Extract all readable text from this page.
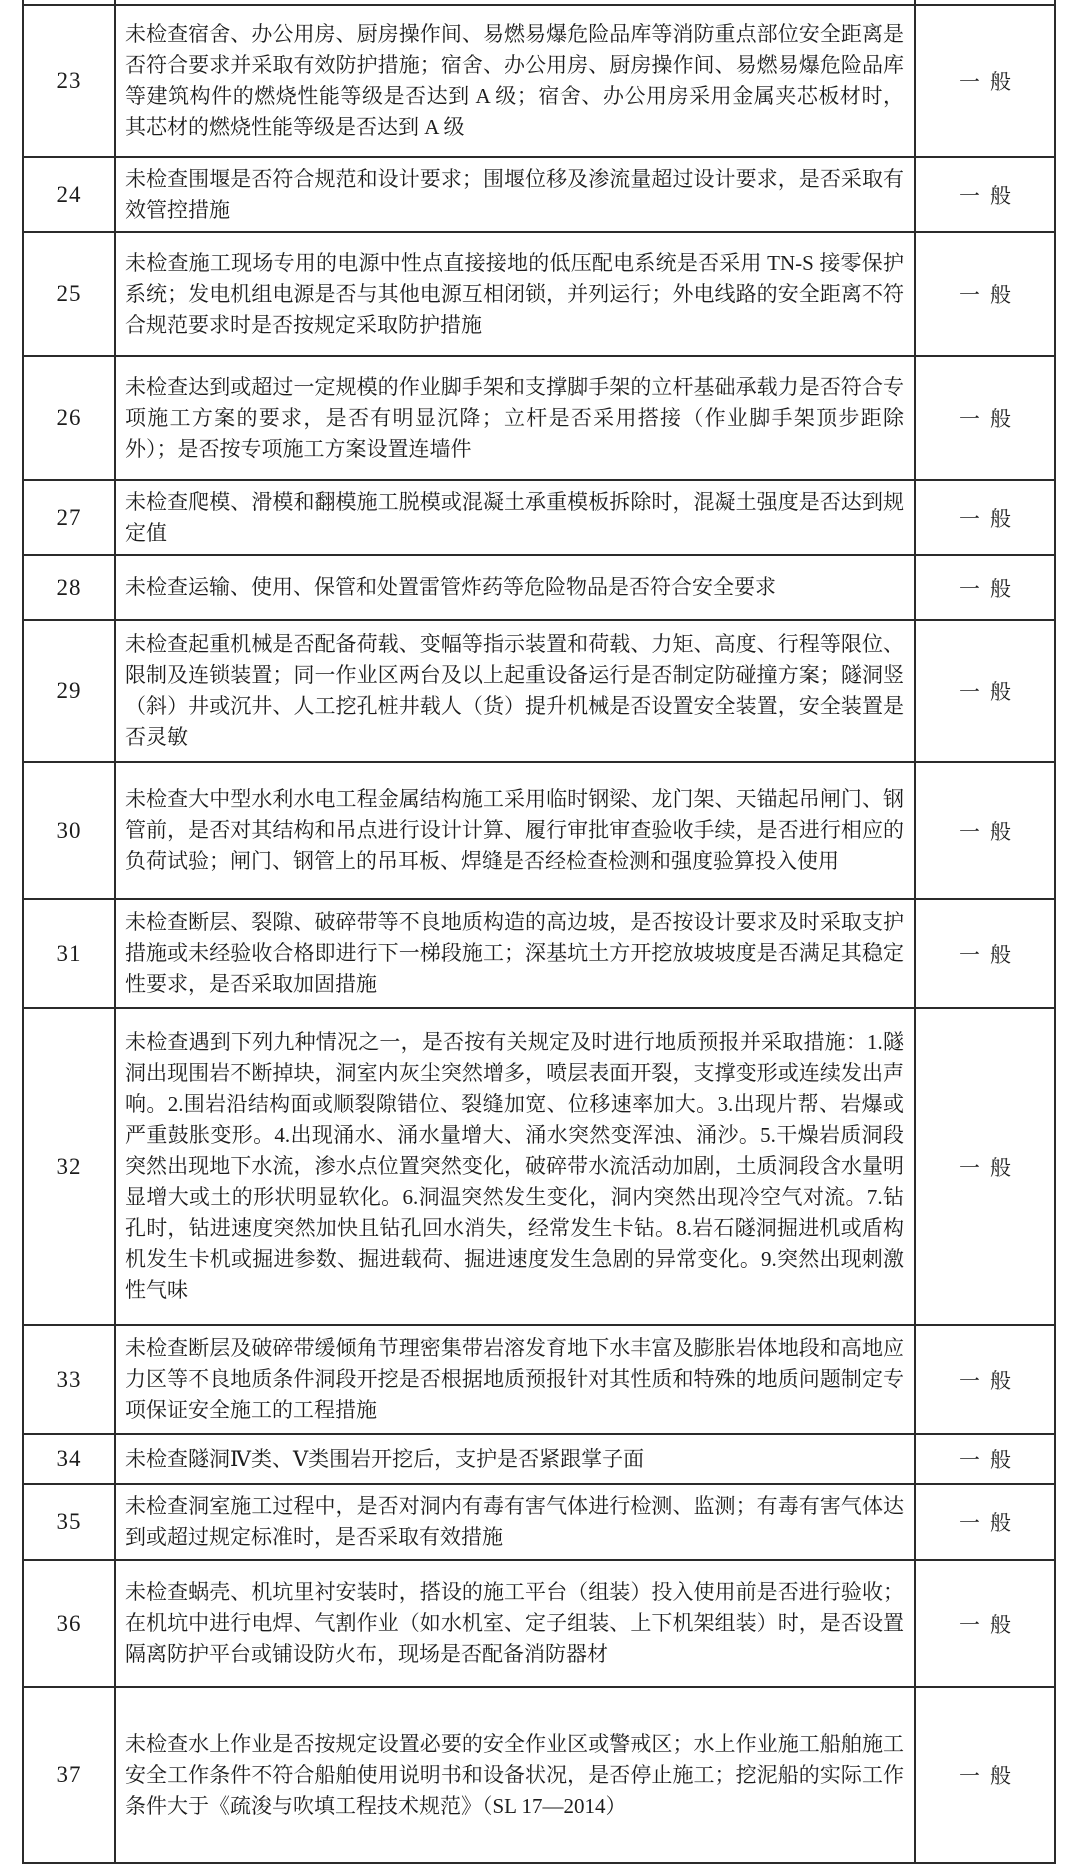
23	未检查宿舍、办公用房、厨房操作间、易燃易爆危险品库等消防重点部位安全距离是否符合要求并采取有效防护措施；宿舍、办公用房、厨房操作间、易燃易爆危险品库等建筑构件的燃烧性能等级是否达到 A 级；宿舍、办公用房采用金属夹芯板材时，其芯材的燃烧性能等级是否达到 A 级	一般
24	未检查围堰是否符合规范和设计要求；围堰位移及渗流量超过设计要求，是否采取有效管控措施	一般
25	未检查施工现场专用的电源中性点直接接地的低压配电系统是否采用 TN-S 接零保护系统；发电机组电源是否与其他电源互相闭锁，并列运行；外电线路的安全距离不符合规范要求时是否按规定采取防护措施	一般
26	未检查达到或超过一定规模的作业脚手架和支撑脚手架的立杆基础承载力是否符合专项施工方案的要求，是否有明显沉降；立杆是否采用搭接（作业脚手架顶步距除外）；是否按专项施工方案设置连墙件	一般
27	未检查爬模、滑模和翻模施工脱模或混凝土承重模板拆除时，混凝土强度是否达到规定值	一般
28	未检查运输、使用、保管和处置雷管炸药等危险物品是否符合安全要求	一般
29	未检查起重机械是否配备荷载、变幅等指示装置和荷载、力矩、高度、行程等限位、限制及连锁装置；同一作业区两台及以上起重设备运行是否制定防碰撞方案；隧洞竖（斜）井或沉井、人工挖孔桩井载人（货）提升机械是否设置安全装置，安全装置是否灵敏	一般
30	未检查大中型水利水电工程金属结构施工采用临时钢梁、龙门架、天锚起吊闸门、钢管前，是否对其结构和吊点进行设计计算、履行审批审查验收手续，是否进行相应的负荷试验；闸门、钢管上的吊耳板、焊缝是否经检查检测和强度验算投入使用	一般
31	未检查断层、裂隙、破碎带等不良地质构造的高边坡，是否按设计要求及时采取支护措施或未经验收合格即进行下一梯段施工；深基坑土方开挖放坡坡度是否满足其稳定性要求，是否采取加固措施	一般
32	未检查遇到下列九种情况之一，是否按有关规定及时进行地质预报并采取措施：1.隧洞出现围岩不断掉块，洞室内灰尘突然增多，喷层表面开裂，支撑变形或连续发出声响。2.围岩沿结构面或顺裂隙错位、裂缝加宽、位移速率加大。3.出现片帮、岩爆或严重鼓胀变形。4.出现涌水、涌水量增大、涌水突然变浑浊、涌沙。5.干燥岩质洞段突然出现地下水流，渗水点位置突然变化，破碎带水流活动加剧，土质洞段含水量明显增大或土的形状明显软化。6.洞温突然发生变化，洞内突然出现冷空气对流。7.钻孔时，钻进速度突然加快且钻孔回水消失，经常发生卡钻。8.岩石隧洞掘进机或盾构机发生卡机或掘进参数、掘进载荷、掘进速度发生急剧的异常变化。9.突然出现刺激性气味	一般
33	未检查断层及破碎带缓倾角节理密集带岩溶发育地下水丰富及膨胀岩体地段和高地应力区等不良地质条件洞段开挖是否根据地质预报针对其性质和特殊的地质问题制定专项保证安全施工的工程措施	一般
34	未检查隧洞Ⅳ类、Ⅴ类围岩开挖后，支护是否紧跟掌子面	一般
35	未检查洞室施工过程中，是否对洞内有毒有害气体进行检测、监测；有毒有害气体达到或超过规定标准时，是否采取有效措施	一般
36	未检查蜗壳、机坑里衬安装时，搭设的施工平台（组装）投入使用前是否进行验收；在机坑中进行电焊、气割作业（如水机室、定子组装、上下机架组装）时，是否设置隔离防护平台或铺设防火布，现场是否配备消防器材	一般
37	未检查水上作业是否按规定设置必要的安全作业区或警戒区；水上作业施工船舶施工安全工作条件不符合船舶使用说明书和设备状况，是否停止施工；挖泥船的实际工作条件大于《疏浚与吹填工程技术规范》（SL 17—2014）	一般
